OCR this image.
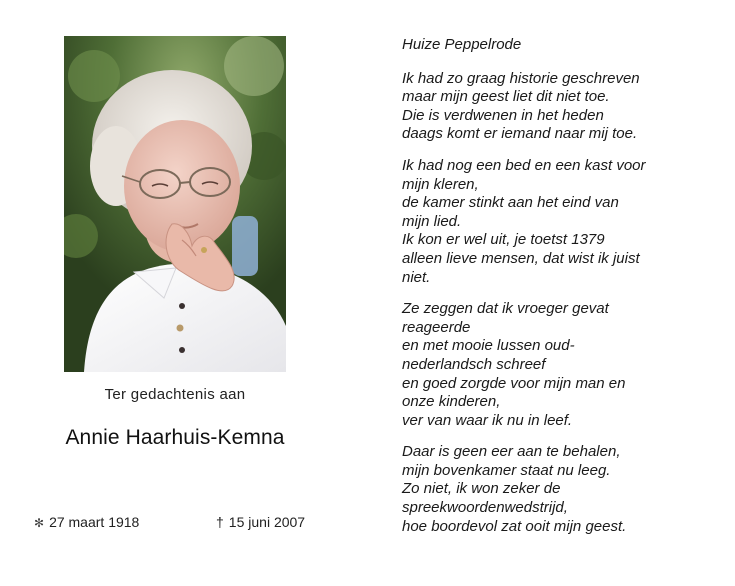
Ter gedachtenis aan
Annie Haarhuis-Kemna
✻ 27 maart 1918	† 15 juni 2007
Huize Peppelrode
Ik had zo graag historie geschreven
maar mijn geest liet dit niet toe.
Die is verdwenen in het heden
daags komt er iemand naar mij toe.
Ik had nog een bed en een kast voor
mijn kleren,
de kamer stinkt aan het eind van
mijn lied.
Ik kon er wel uit, je toetst 1379
alleen lieve mensen, dat wist ik juist
niet.
Ze zeggen dat ik vroeger gevat
reageerde
en met mooie lussen oud-
nederlandsch schreef
en goed zorgde voor mijn man en
onze kinderen,
ver van waar ik nu in leef.
Daar is geen eer aan te behalen,
mijn bovenkamer staat nu leeg.
Zo niet, ik won zeker de
spreekwoordenwedstrijd,
hoe boordevol zat ooit mijn geest.
